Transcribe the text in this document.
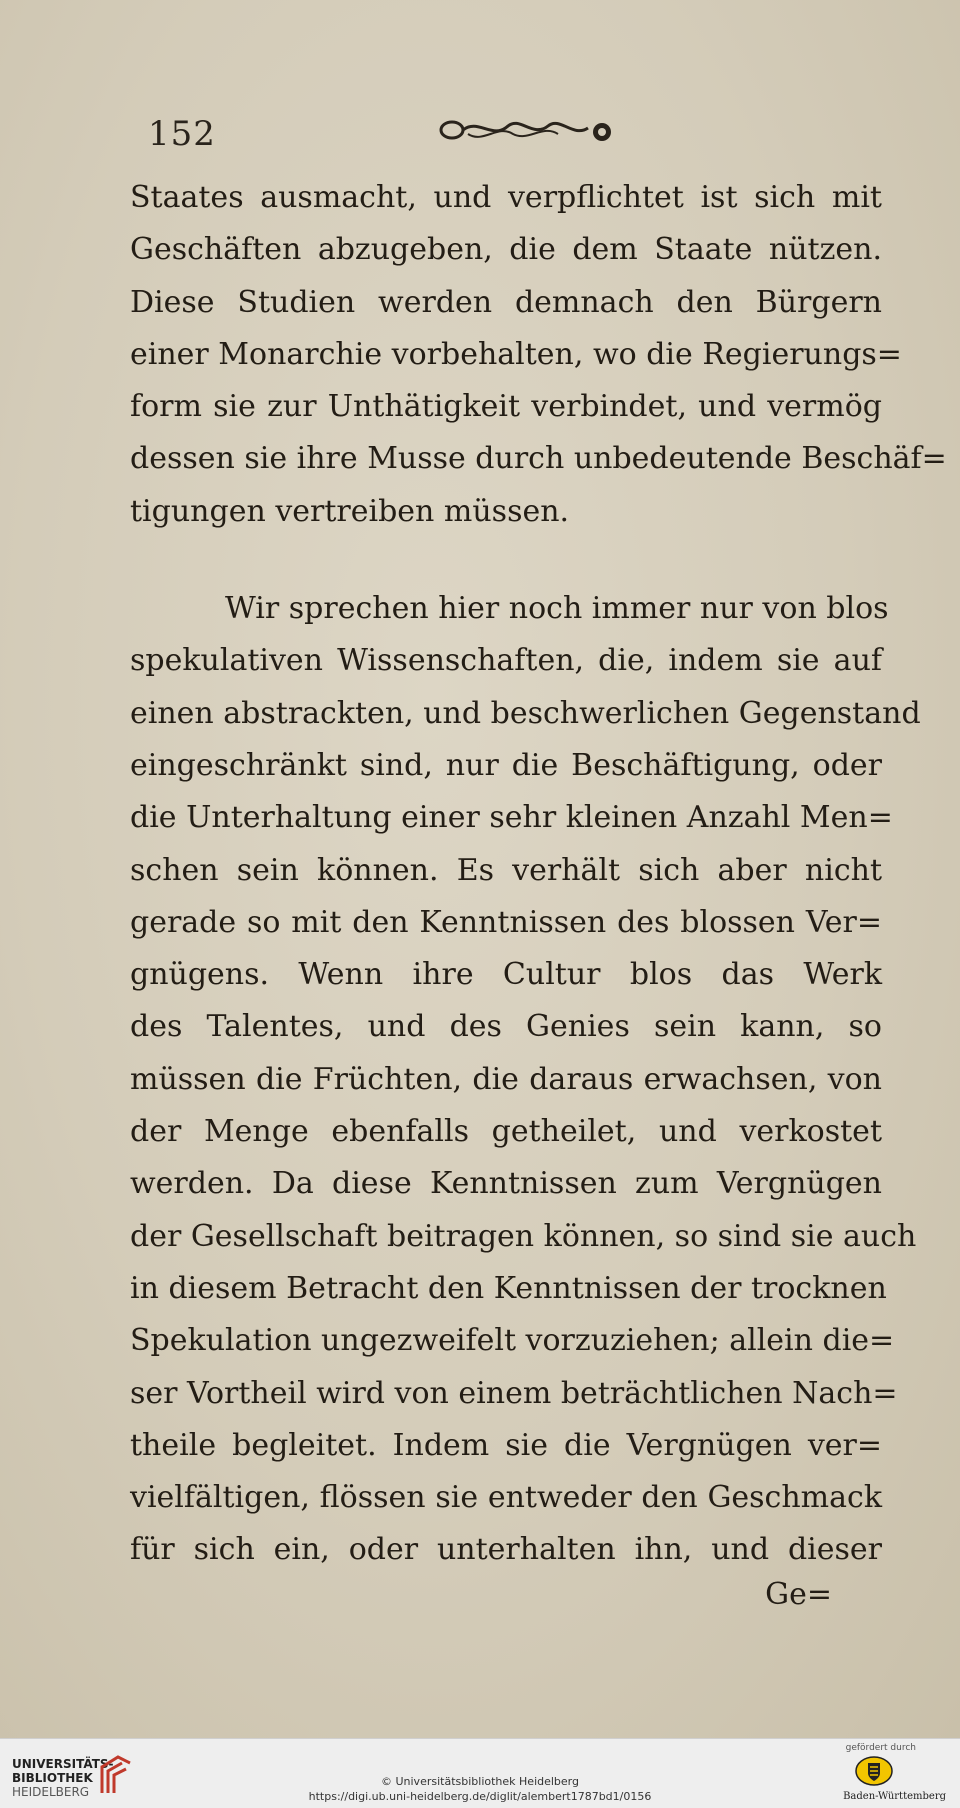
152
Staates ausmacht, und verpflichtet ist sich mit
Geschäften abzugeben, die dem Staate nützen.
Diese Studien werden demnach den Bürgern
einer Monarchie vorbehalten, wo die Regierungs=
form sie zur Unthätigkeit verbindet, und vermög
dessen sie ihre Musse durch unbedeutende Beschäf=
tigungen vertreiben müssen.
Wir sprechen hier noch immer nur von blos
spekulativen Wissenschaften, die, indem sie auf
einen abstrackten, und beschwerlichen Gegenstand
eingeschränkt sind, nur die Beschäftigung, oder
die Unterhaltung einer sehr kleinen Anzahl Men=
schen sein können. Es verhält sich aber nicht
gerade so mit den Kenntnissen des blossen Ver=
gnügens. Wenn ihre Cultur blos das Werk
des Talentes, und des Genies sein kann, so
müssen die Früchten, die daraus erwachsen, von
der Menge ebenfalls getheilet, und verkostet
werden. Da diese Kenntnissen zum Vergnügen
der Gesellschaft beitragen können, so sind sie auch
in diesem Betracht den Kenntnissen der trocknen
Spekulation ungezweifelt vorzuziehen; allein die=
ser Vortheil wird von einem beträchtlichen Nach=
theile begleitet. Indem sie die Vergnügen ver=
vielfältigen, flössen sie entweder den Geschmack
für sich ein, oder unterhalten ihn, und dieser
Ge=
UNIVERSITÄTS-
BIBLIOTHEK
HEIDELBERG
© Universitätsbibliothek Heidelberg
https://digi.ub.uni-heidelberg.de/diglit/alembert1787bd1/0156
gefördert durch
Baden-Württemberg
